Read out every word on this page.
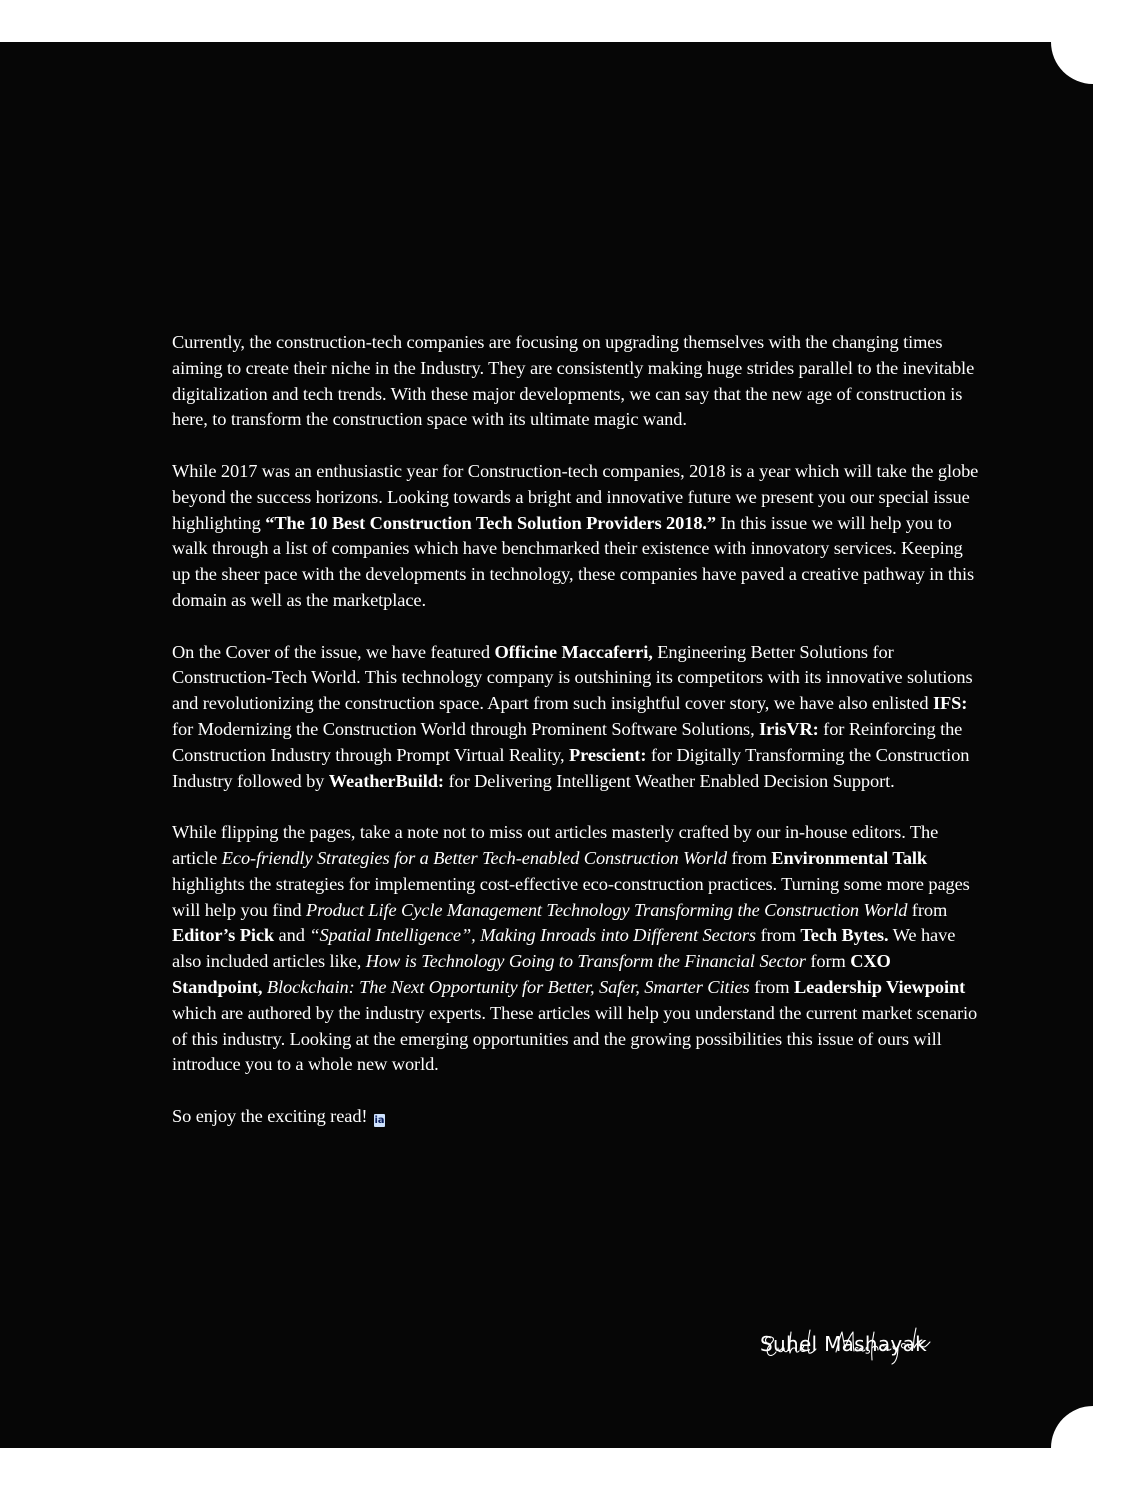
Currently, the construction-tech companies are focusing on upgrading themselves with the changing times aiming to create their niche in the Industry. They are consistently making huge strides parallel to the inevitable digitalization and tech trends. With these major developments, we can say that the new age of construction is here, to transform the construction space with its ultimate magic wand.

While 2017 was an enthusiastic year for Construction-tech companies, 2018 is a year which will take the globe beyond the success horizons. Looking towards a bright and innovative future we present you our special issue highlighting “The 10 Best Construction Tech Solution Providers 2018.” In this issue we will help you to walk through a list of companies which have benchmarked their existence with innovatory services. Keeping up the sheer pace with the developments in technology, these companies have paved a creative pathway in this domain as well as the marketplace.

On the Cover of the issue, we have featured Officine Maccaferri, Engineering Better Solutions for Construction-Tech World. This technology company is outshining its competitors with its innovative solutions and revolutionizing the construction space. Apart from such insightful cover story, we have also enlisted IFS: for Modernizing the Construction World through Prominent Software Solutions, IrisVR: for Reinforcing the Construction Industry through Prompt Virtual Reality, Prescient: for Digitally Transforming the Construction Industry followed by WeatherBuild: for Delivering Intelligent Weather Enabled Decision Support.

While flipping the pages, take a note not to miss out articles masterly crafted by our in-house editors. The article Eco-friendly Strategies for a Better Tech-enabled Construction World from Environmental Talk highlights the strategies for implementing cost-effective eco-construction practices. Turning some more pages will help you find Product Life Cycle Management Technology Transforming the Construction World from Editor’s Pick and “Spatial Intelligence”, Making Inroads into Different Sectors from Tech Bytes. We have also included articles like, How is Technology Going to Transform the Financial Sector form CXO Standpoint, Blockchain: The Next Opportunity for Better, Safer, Smarter Cities from Leadership Viewpoint which are authored by the industry experts. These articles will help you understand the current market scenario of this industry. Looking at the emerging opportunities and the growing possibilities this issue of ours will introduce you to a whole new world.

So enjoy the exciting read! ia

Suhel Mashayak
